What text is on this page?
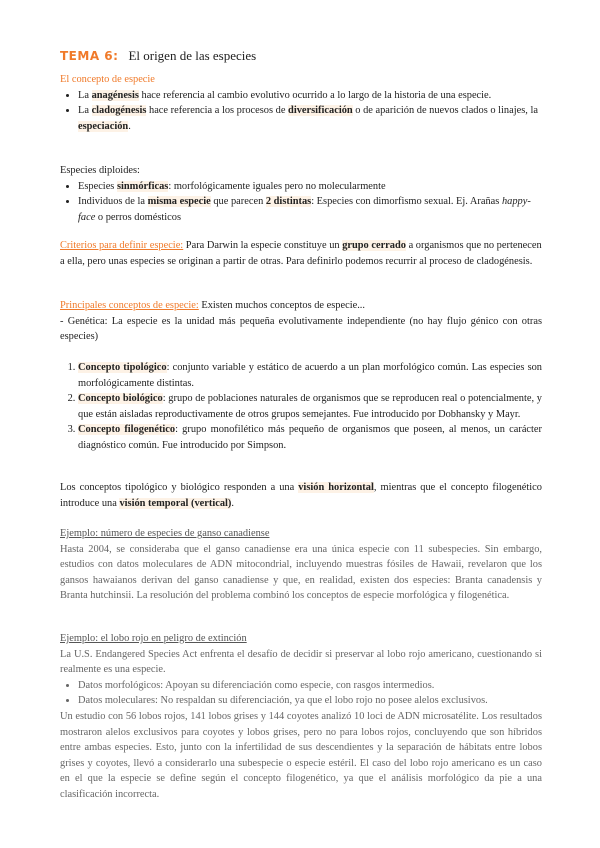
TEMA 6: El origen de las especies
El concepto de especie
• La anagénesis hace referencia al cambio evolutivo ocurrido a lo largo de la historia de una especie.
• La cladogénesis hace referencia a los procesos de diversificación o de aparición de nuevos clados o linajes, la especiación.
Especies diploides:
• Especies sinmórficas: morfológicamente iguales pero no molecularmente
• Individuos de la misma especie que parecen 2 distintas: Especies con dimorfismo sexual. Ej. Arañas happy-face o perros domésticos
Criterios para definir especie: Para Darwin la especie constituye un grupo cerrado a organismos que no pertenecen a ella, pero unas especies se originan a partir de otras. Para definirlo podemos recurrir al proceso de cladogénesis.
Principales conceptos de especie: Existen muchos conceptos de especie...
- Genética: La especie es la unidad más pequeña evolutivamente independiente (no hay flujo génico con otras especies)
1. Concepto tipológico: conjunto variable y estático de acuerdo a un plan morfológico común. Las especies son morfológicamente distintas.
2. Concepto biológico: grupo de poblaciones naturales de organismos que se reproducen real o potencialmente, y que están aisladas reproductivamente de otros grupos semejantes. Fue introducido por Dobhansky y Mayr.
3. Concepto filogenético: grupo monofilético más pequeño de organismos que poseen, al menos, un carácter diagnóstico común. Fue introducido por Simpson.
Los conceptos tipológico y biológico responden a una visión horizontal, mientras que el concepto filogenético introduce una visión temporal (vertical).
Ejemplo: número de especies de ganso canadiense
Hasta 2004, se consideraba que el ganso canadiense era una única especie con 11 subespecies. Sin embargo, estudios con datos moleculares de ADN mitocondrial, incluyendo muestras fósiles de Hawaii, revelaron que los gansos hawaianos derivan del ganso canadiense y que, en realidad, existen dos especies: Branta canadensis y Branta hutchinsii. La resolución del problema combinó los conceptos de especie morfológica y filogenética.
Ejemplo: el lobo rojo en peligro de extinción
La U.S. Endangered Species Act enfrenta el desafío de decidir si preservar al lobo rojo americano, cuestionando si realmente es una especie.
• Datos morfológicos: Apoyan su diferenciación como especie, con rasgos intermedios.
• Datos moleculares: No respaldan su diferenciación, ya que el lobo rojo no posee alelos exclusivos.
Un estudio con 56 lobos rojos, 141 lobos grises y 144 coyotes analizó 10 loci de ADN microsatélite. Los resultados mostraron alelos exclusivos para coyotes y lobos grises, pero no para lobos rojos, concluyendo que son híbridos entre ambas especies. Esto, junto con la infertilidad de sus descendientes y la separación de hábitats entre lobos grises y coyotes, llevó a considerarlo una subespecie o especie estéril. El caso del lobo rojo americano es un caso en el que la especie se define según el concepto filogenético, ya que el análisis morfológico da pie a una clasificación incorrecta.
